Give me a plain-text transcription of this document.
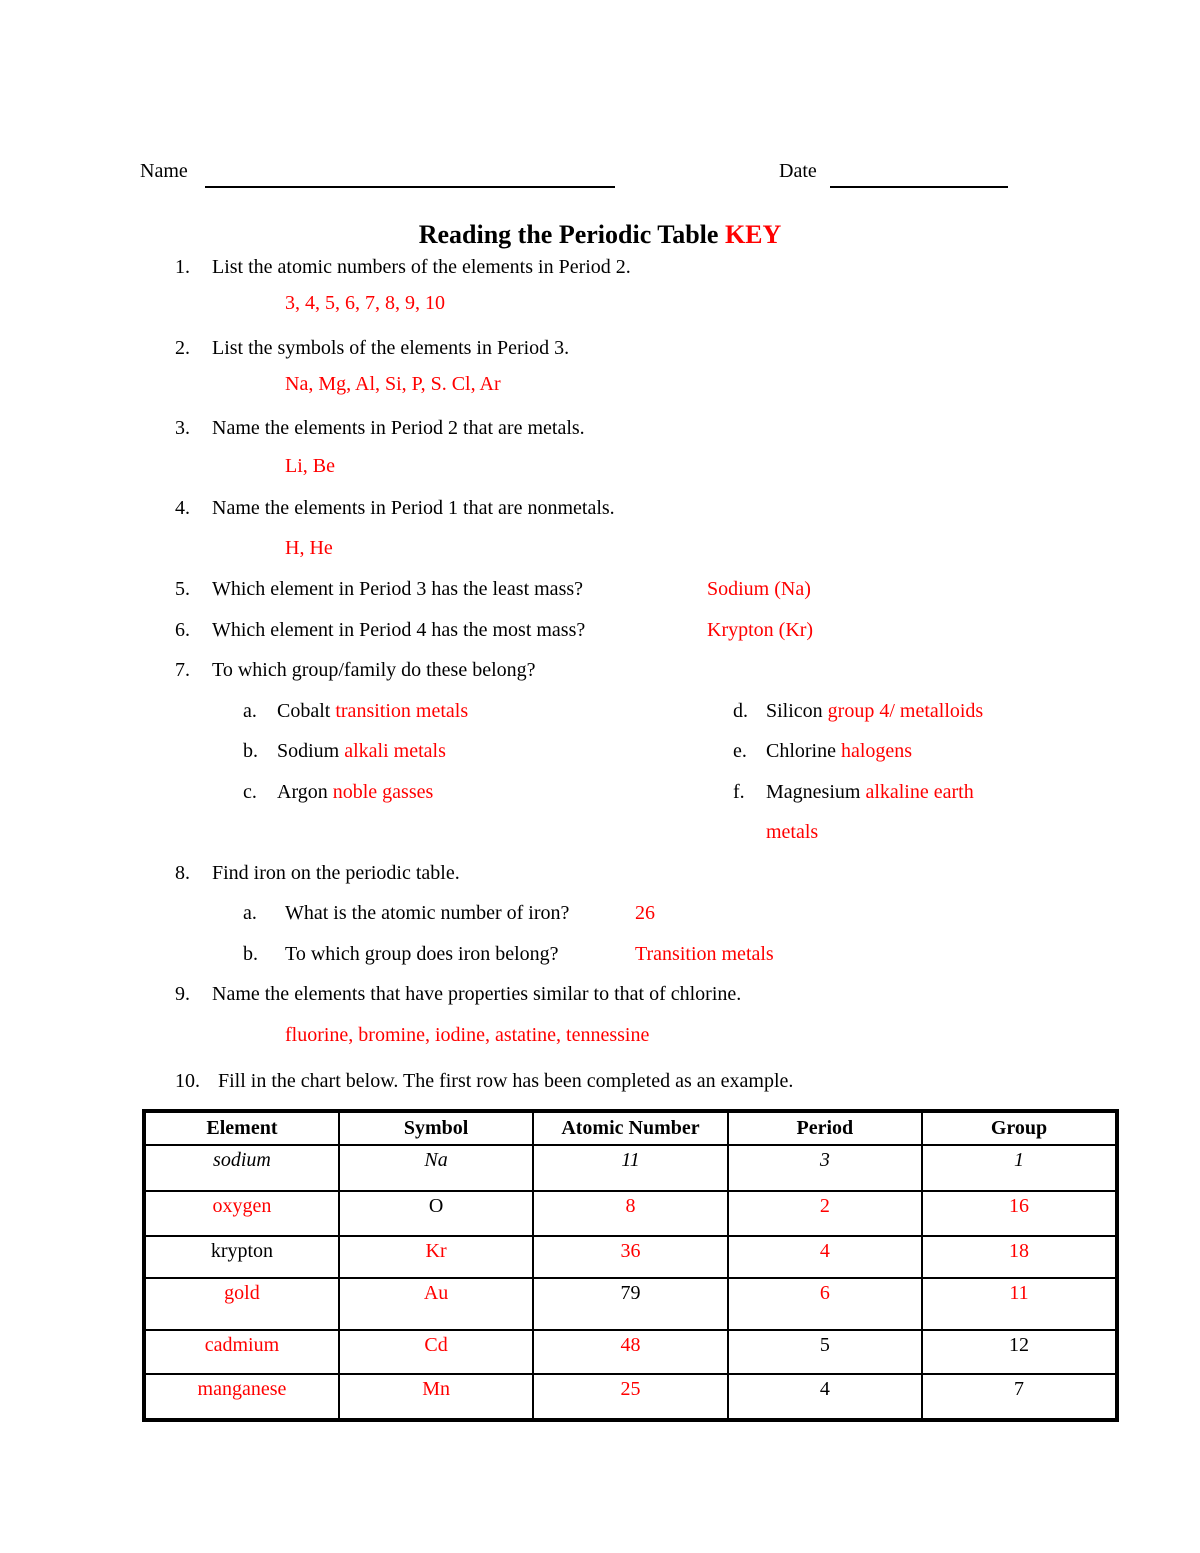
Name	Date
Reading the Periodic Table KEY
1. List the atomic numbers of the elements in Period 2.
3, 4, 5, 6, 7, 8, 9, 10
2. List the symbols of the elements in Period 3.
Na, Mg, Al, Si, P, S. Cl, Ar
3. Name the elements in Period 2 that are metals.
Li, Be
4. Name the elements in Period 1 that are nonmetals.
H, He
5. Which element in Period 3 has the least mass?	Sodium (Na)
6. Which element in Period 4 has the most mass?	Krypton (Kr)
7. To which group/family do these belong?
a. Cobalt transition metals	d. Silicon group 4/ metalloids
b. Sodium alkali metals	e. Chlorine halogens
c. Argon noble gasses	f. Magnesium alkaline earth
metals
8. Find iron on the periodic table.
a. What is the atomic number of iron?	26
b. To which group does iron belong?	Transition metals
9. Name the elements that have properties similar to that of chlorine.
fluorine, bromine, iodine, astatine, tennessine
10. Fill in the chart below. The first row has been completed as an example.
Element	Symbol	Atomic Number	Period	Group
sodium	Na	11	3	1
oxygen	O	8	2	16
krypton	Kr	36	4	18
gold	Au	79	6	11
cadmium	Cd	48	5	12
manganese	Mn	25	4	7
